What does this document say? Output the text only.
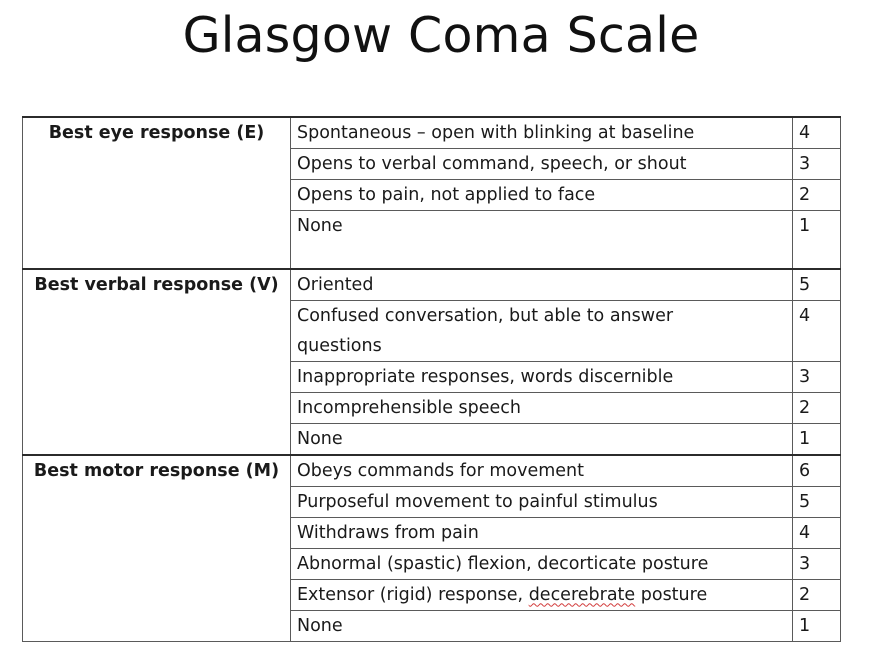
Glasgow Coma Scale
Best eye response (E)	Spontaneous – open with blinking at baseline	4
	Opens to verbal command, speech, or shout	3
	Opens to pain, not applied to face	2
	None	1
Best verbal response (V)	Oriented	5
	Confused conversation, but able to answer questions	4
	Inappropriate responses, words discernible	3
	Incomprehensible speech	2
	None	1
Best motor response (M)	Obeys commands for movement	6
	Purposeful movement to painful stimulus	5
	Withdraws from pain	4
	Abnormal (spastic) flexion, decorticate posture	3
	Extensor (rigid) response, decerebrate posture	2
	None	1
